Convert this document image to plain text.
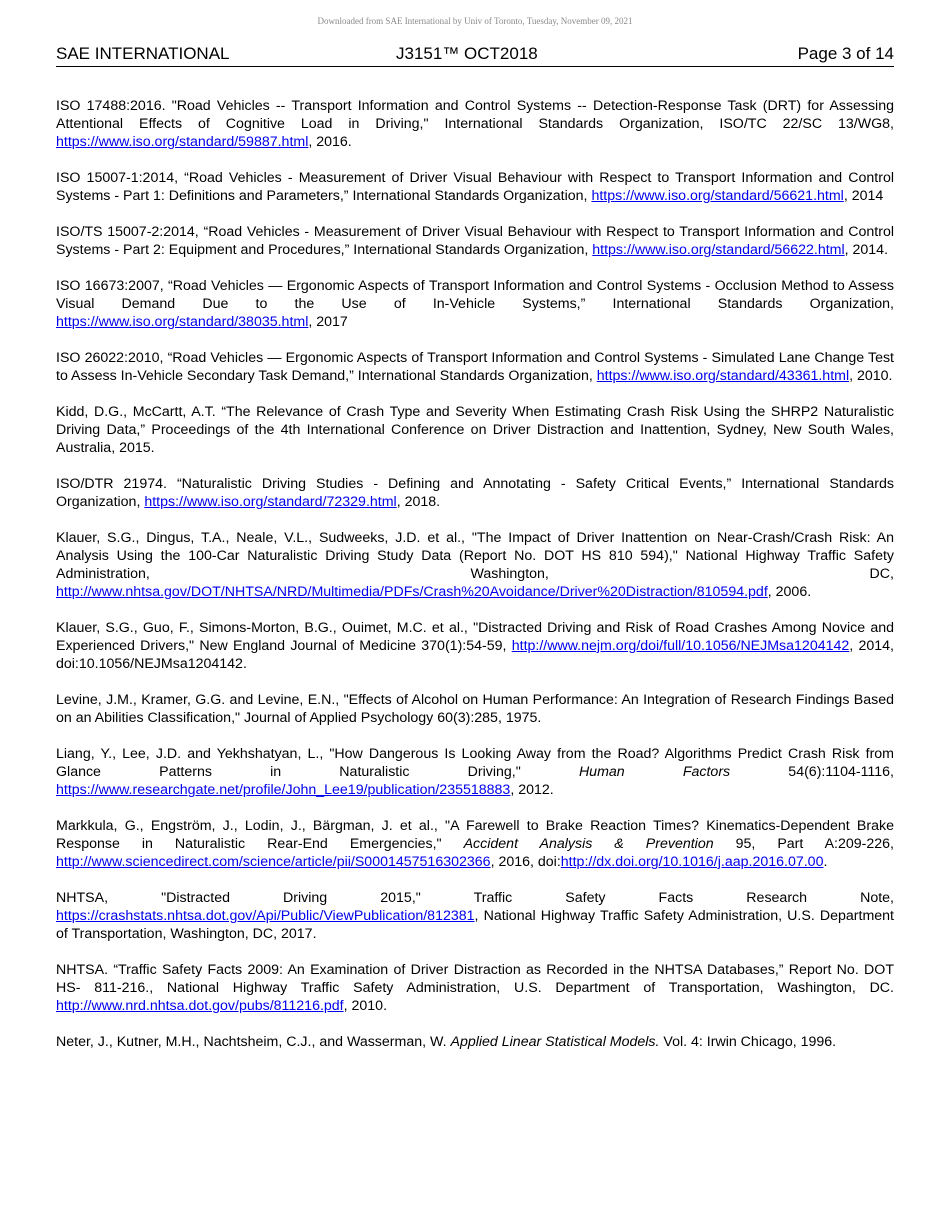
Downloaded from SAE International by Univ of Toronto, Tuesday, November 09, 2021
SAE INTERNATIONAL	J3151™ OCT2018	Page 3 of 14

ISO 17488:2016. "Road Vehicles -- Transport Information and Control Systems -- Detection-Response Task (DRT) for Assessing Attentional Effects of Cognitive Load in Driving," International Standards Organization, ISO/TC 22/SC 13/WG8, https://www.iso.org/standard/59887.html, 2016.

ISO 15007-1:2014, “Road Vehicles - Measurement of Driver Visual Behaviour with Respect to Transport Information and Control Systems - Part 1: Definitions and Parameters,” International Standards Organization, https://www.iso.org/standard/56621.html, 2014

ISO/TS 15007-2:2014, “Road Vehicles - Measurement of Driver Visual Behaviour with Respect to Transport Information and Control Systems - Part 2: Equipment and Procedures,” International Standards Organization, https://www.iso.org/standard/56622.html, 2014.

ISO 16673:2007, “Road Vehicles — Ergonomic Aspects of Transport Information and Control Systems - Occlusion Method to Assess Visual Demand Due to the Use of In-Vehicle Systems,” International Standards Organization, https://www.iso.org/standard/38035.html, 2017

ISO 26022:2010, “Road Vehicles — Ergonomic Aspects of Transport Information and Control Systems - Simulated Lane Change Test to Assess In-Vehicle Secondary Task Demand,” International Standards Organization, https://www.iso.org/standard/43361.html, 2010.

Kidd, D.G., McCartt, A.T. “The Relevance of Crash Type and Severity When Estimating Crash Risk Using the SHRP2 Naturalistic Driving Data,” Proceedings of the 4th International Conference on Driver Distraction and Inattention, Sydney, New South Wales, Australia, 2015.

ISO/DTR 21974. “Naturalistic Driving Studies - Defining and Annotating - Safety Critical Events,” International Standards Organization, https://www.iso.org/standard/72329.html, 2018.

Klauer, S.G., Dingus, T.A., Neale, V.L., Sudweeks, J.D. et al., "The Impact of Driver Inattention on Near-Crash/Crash Risk: An Analysis Using the 100-Car Naturalistic Driving Study Data (Report No. DOT HS 810 594)," National Highway Traffic Safety Administration, Washington, DC, http://www.nhtsa.gov/DOT/NHTSA/NRD/Multimedia/PDFs/Crash%20Avoidance/Driver%20Distraction/810594.pdf, 2006.

Klauer, S.G., Guo, F., Simons-Morton, B.G., Ouimet, M.C. et al., "Distracted Driving and Risk of Road Crashes Among Novice and Experienced Drivers," New England Journal of Medicine 370(1):54-59, http://www.nejm.org/doi/full/10.1056/NEJMsa1204142, 2014, doi:10.1056/NEJMsa1204142.

Levine, J.M., Kramer, G.G. and Levine, E.N., "Effects of Alcohol on Human Performance: An Integration of Research Findings Based on an Abilities Classification," Journal of Applied Psychology 60(3):285, 1975.

Liang, Y., Lee, J.D. and Yekhshatyan, L., "How Dangerous Is Looking Away from the Road? Algorithms Predict Crash Risk from Glance Patterns in Naturalistic Driving," Human Factors 54(6):1104-1116, https://www.researchgate.net/profile/John_Lee19/publication/235518883, 2012.

Markkula, G., Engström, J., Lodin, J., Bärgman, J. et al., "A Farewell to Brake Reaction Times? Kinematics-Dependent Brake Response in Naturalistic Rear-End Emergencies," Accident Analysis & Prevention 95, Part A:209-226, http://www.sciencedirect.com/science/article/pii/S0001457516302366, 2016, doi:http://dx.doi.org/10.1016/j.aap.2016.07.00.

NHTSA, "Distracted Driving 2015," Traffic Safety Facts Research Note, https://crashstats.nhtsa.dot.gov/Api/Public/ViewPublication/812381, National Highway Traffic Safety Administration, U.S. Department of Transportation, Washington, DC, 2017.

NHTSA. “Traffic Safety Facts 2009: An Examination of Driver Distraction as Recorded in the NHTSA Databases,” Report No. DOT HS- 811-216., National Highway Traffic Safety Administration, U.S. Department of Transportation, Washington, DC. http://www.nrd.nhtsa.dot.gov/pubs/811216.pdf, 2010.

Neter, J., Kutner, M.H., Nachtsheim, C.J., and Wasserman, W. Applied Linear Statistical Models. Vol. 4: Irwin Chicago, 1996.
